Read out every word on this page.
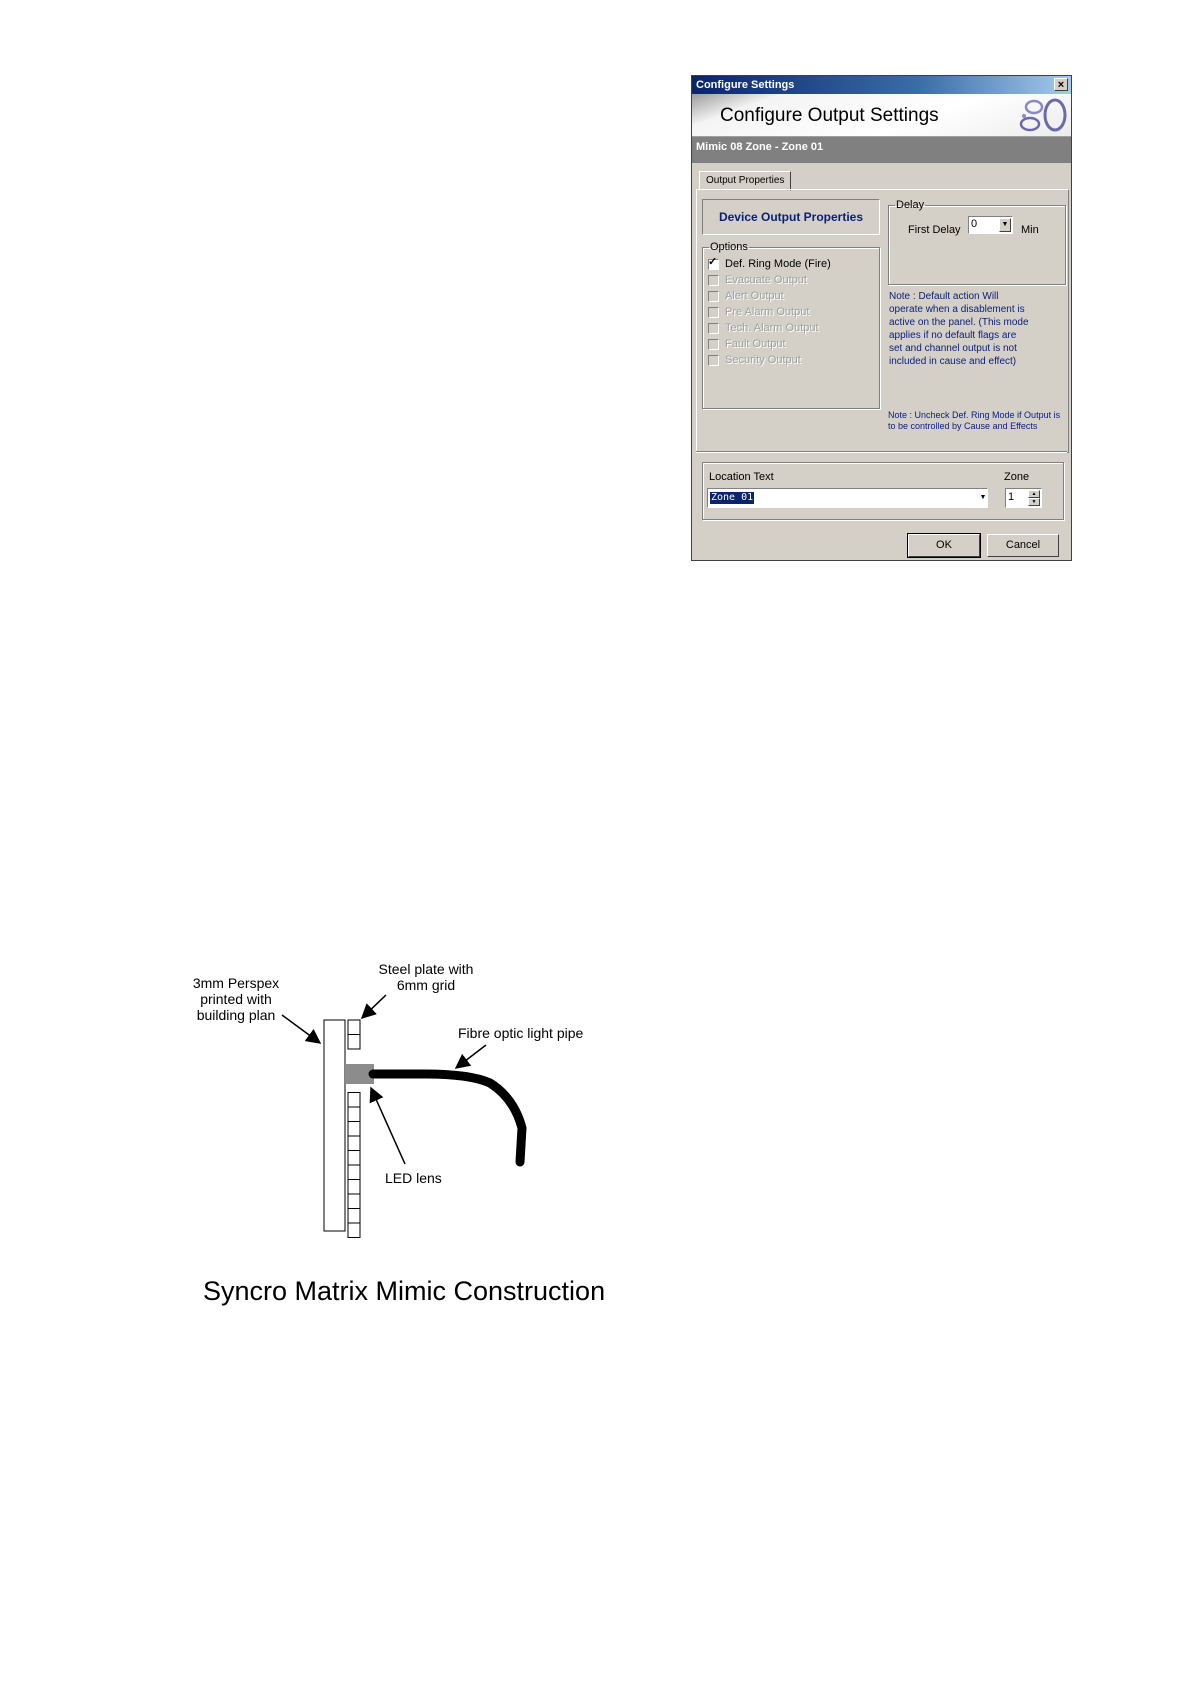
Configure Settings	×
Configure Output Settings
Mimic 08 Zone - Zone 01
Output Properties
Device Output Properties
Options
Delay
First Delay 0	▼ Min
Note : Default action Will operate when a disablement is active on the panel. (This mode applies if no default flags are set and channel output is not included in cause and effect)
Note : Uncheck Def. Ring Mode if Output is to be controlled by Cause and Effects
Location Text	Zone
Zone 01	▼ 1	▲
▼
OK	Cancel
✓ Def. Ring Mode (Fire)
Evacuate Output
Alert Output
Pre Alarm Output
Tech. Alarm Output
Fault Output
Security Output
3mm Perspex
printed with
building plan
Steel plate with
6mm grid
Fibre optic light pipe
LED lens
Syncro Matrix Mimic Construction
